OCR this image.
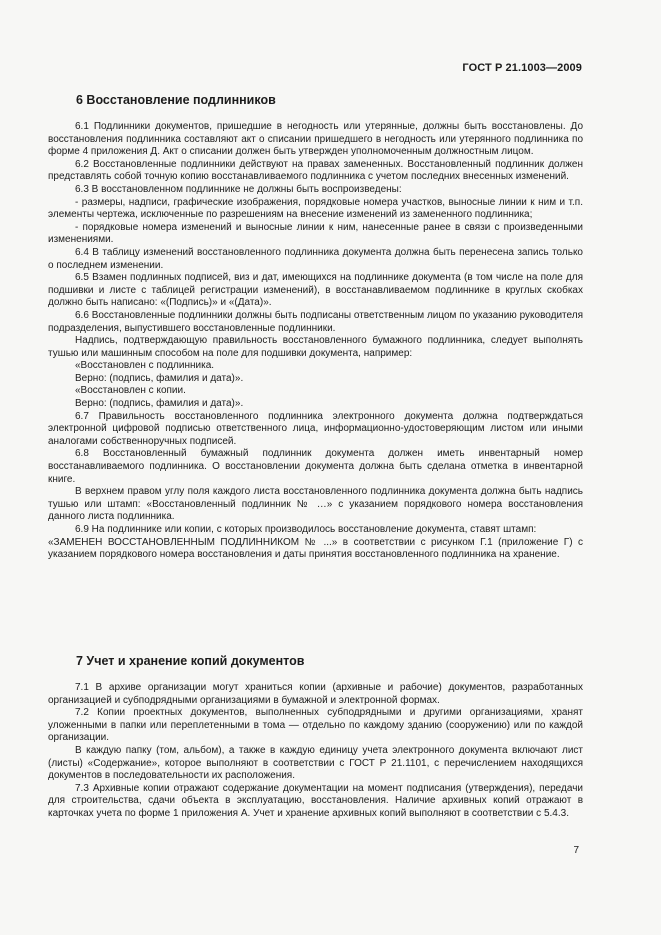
ГОСТ Р 21.1003—2009
6 Восстановление подлинников

6.1 Подлинники документов, пришедшие в негодность или утерянные, должны быть восстановлены. До восстановления подлинника составляют акт о списании пришедшего в негодность или утерянного подлинника по форме 4 приложения Д. Акт о списании должен быть утвержден уполномоченным должностным лицом.

6.2 Восстановленные подлинники действуют на правах замененных. Восстановленный подлинник должен представлять собой точную копию восстанавливаемого подлинника с учетом последних внесенных изменений.

6.3 В восстановленном подлиннике не должны быть воспроизведены:

- размеры, надписи, графические изображения, порядковые номера участков, выносные линии к ним и т.п. элементы чертежа, исключенные по разрешениям на внесение изменений из замененного подлинника;

- порядковые номера изменений и выносные линии к ним, нанесенные ранее в связи с произведенными изменениями.

6.4 В таблицу изменений восстановленного подлинника документа должна быть перенесена запись только о последнем изменении.

6.5 Взамен подлинных подписей, виз и дат, имеющихся на подлиннике документа (в том числе на поле для подшивки и листе с таблицей регистрации изменений), в восстанавливаемом подлиннике в круглых скобках должно быть написано: «(Подпись)» и «(Дата)».

6.6 Восстановленные подлинники должны быть подписаны ответственным лицом по указанию руководителя подразделения, выпустившего восстановленные подлинники.

Надпись, подтверждающую правильность восстановленного бумажного подлинника, следует выполнять тушью или машинным способом на поле для подшивки документа, например:

«Восстановлен с подлинника.

Верно: (подпись, фамилия и дата)».

«Восстановлен с копии.

Верно: (подпись, фамилия и дата)».

6.7 Правильность восстановленного подлинника электронного документа должна подтверждаться электронной цифровой подписью ответственного лица, информационно-удостоверяющим листом или иными аналогами собственноручных подписей.

6.8 Восстановленный бумажный подлинник документа должен иметь инвентарный номер восстанавливаемого подлинника. О восстановлении документа должна быть сделана отметка в инвентарной книге.

В верхнем правом углу поля каждого листа восстановленного подлинника документа должна быть надпись тушью или штамп: «Восстановленный подлинник № …» с указанием порядкового номера восстановления данного листа подлинника.

6.9 На подлиннике или копии, с которых производилось восстановление документа, ставят штамп:

«ЗАМЕНЕН ВОССТАНОВЛЕННЫМ ПОДЛИННИКОМ № ...» в соответствии с рисунком Г.1 (приложение Г) с указанием порядкового номера восстановления и даты принятия восстановленного подлинника на хранение.

7 Учет и хранение копий документов

7.1 В архиве организации могут храниться копии (архивные и рабочие) документов, разработанных организацией и субподрядными организациями в бумажной и электронной формах.

7.2 Копии проектных документов, выполненных субподрядными и другими организациями, хранят уложенными в папки или переплетенными в тома — отдельно по каждому зданию (сооружению) или по каждой организации.

В каждую папку (том, альбом), а также в каждую единицу учета электронного документа включают лист (листы) «Содержание», которое выполняют в соответствии с ГОСТ Р 21.1101, с перечислением находящихся документов в последовательности их расположения.

7.3 Архивные копии отражают содержание документации на момент подписания (утверждения), передачи для строительства, сдачи объекта в эксплуатацию, восстановления. Наличие архивных копий отражают в карточках учета по форме 1 приложения А. Учет и хранение архивных копий выполняют в соответствии с 5.4.3.

7
